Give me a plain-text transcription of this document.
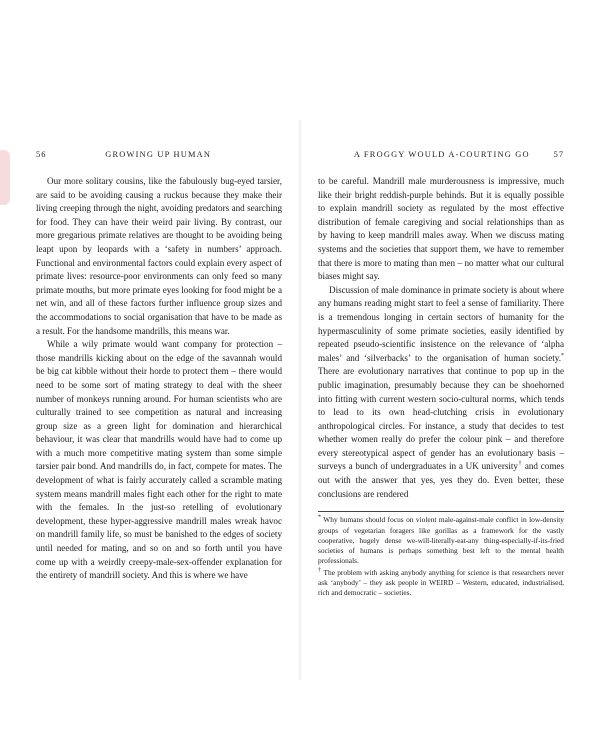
56	GROWING UP HUMAN

Our more solitary cousins, like the fabulously bug-eyed tarsier, are said to be avoiding causing a ruckus because they make their living creeping through the night, avoiding predators and searching for food. They can have their weird pair living. By contrast, our more gregarious primate relatives are thought to be avoiding being leapt upon by leopards with a ‘safety in numbers’ approach. Functional and environmental factors could explain every aspect of primate lives: resource-poor environments can only feed so many primate mouths, but more primate eyes looking for food might be a net win, and all of these factors further influence group sizes and the accommodations to social organisation that have to be made as a result. For the handsome mandrills, this means war.

While a wily primate would want company for protection – those mandrills kicking about on the edge of the savannah would be big cat kibble without their horde to protect them – there would need to be some sort of mating strategy to deal with the sheer number of monkeys running around. For human scientists who are culturally trained to see competition as natural and increasing group size as a green light for domination and hierarchical behaviour, it was clear that mandrills would have had to come up with a much more competitive mating system than some simple tarsier pair bond. And mandrills do, in fact, compete for mates. The development of what is fairly accurately called a scramble mating system means mandrill males fight each other for the right to mate with the females. In the just-so retelling of evolutionary development, these hyper-aggressive mandrill males wreak havoc on mandrill family life, so must be banished to the edges of society until needed for mating, and so on and so forth until you have come up with a weirdly creepy-male-sex-offender explanation for the entirety of mandrill society. And this is where we have

A FROGGY WOULD A-COURTING GO	57

to be careful. Mandrill male murderousness is impressive, much like their bright reddish-purple behinds. But it is equally possible to explain mandrill society as regulated by the most effective distribution of female caregiving and social relationships than as by having to keep mandrill males away. When we discuss mating systems and the societies that support them, we have to remember that there is more to mating than men – no matter what our cultural biases might say.

Discussion of male dominance in primate society is about where any humans reading might start to feel a sense of familiarity. There is a tremendous longing in certain sectors of humanity for the hypermasculinity of some primate societies, easily identified by repeated pseudo-scientific insistence on the relevance of ‘alpha males’ and ‘silverbacks’ to the organisation of human society.* There are evolutionary narratives that continue to pop up in the public imagination, presumably because they can be shoehorned into fitting with current western socio-cultural norms, which tends to lead to its own head-clutching crisis in evolutionary anthropological circles. For instance, a study that decides to test whether women really do prefer the colour pink – and therefore every stereotypical aspect of gender has an evolutionary basis – surveys a bunch of undergraduates in a UK university† and comes out with the answer that yes, yes they do. Even better, these conclusions are rendered

* Why humans should focus on violent male-against-male conflict in low-density groups of vegetarian foragers like gorillas as a framework for the vastly cooperative, hugely dense we-will-literally-eat-any thing-especially-if-its-fried societies of humans is perhaps something best left to the mental health professionals.

† The problem with asking anybody anything for science is that researchers never ask ‘anybody’ – they ask people in WEIRD – Western, educated, industrialised, rich and democratic – societies.
